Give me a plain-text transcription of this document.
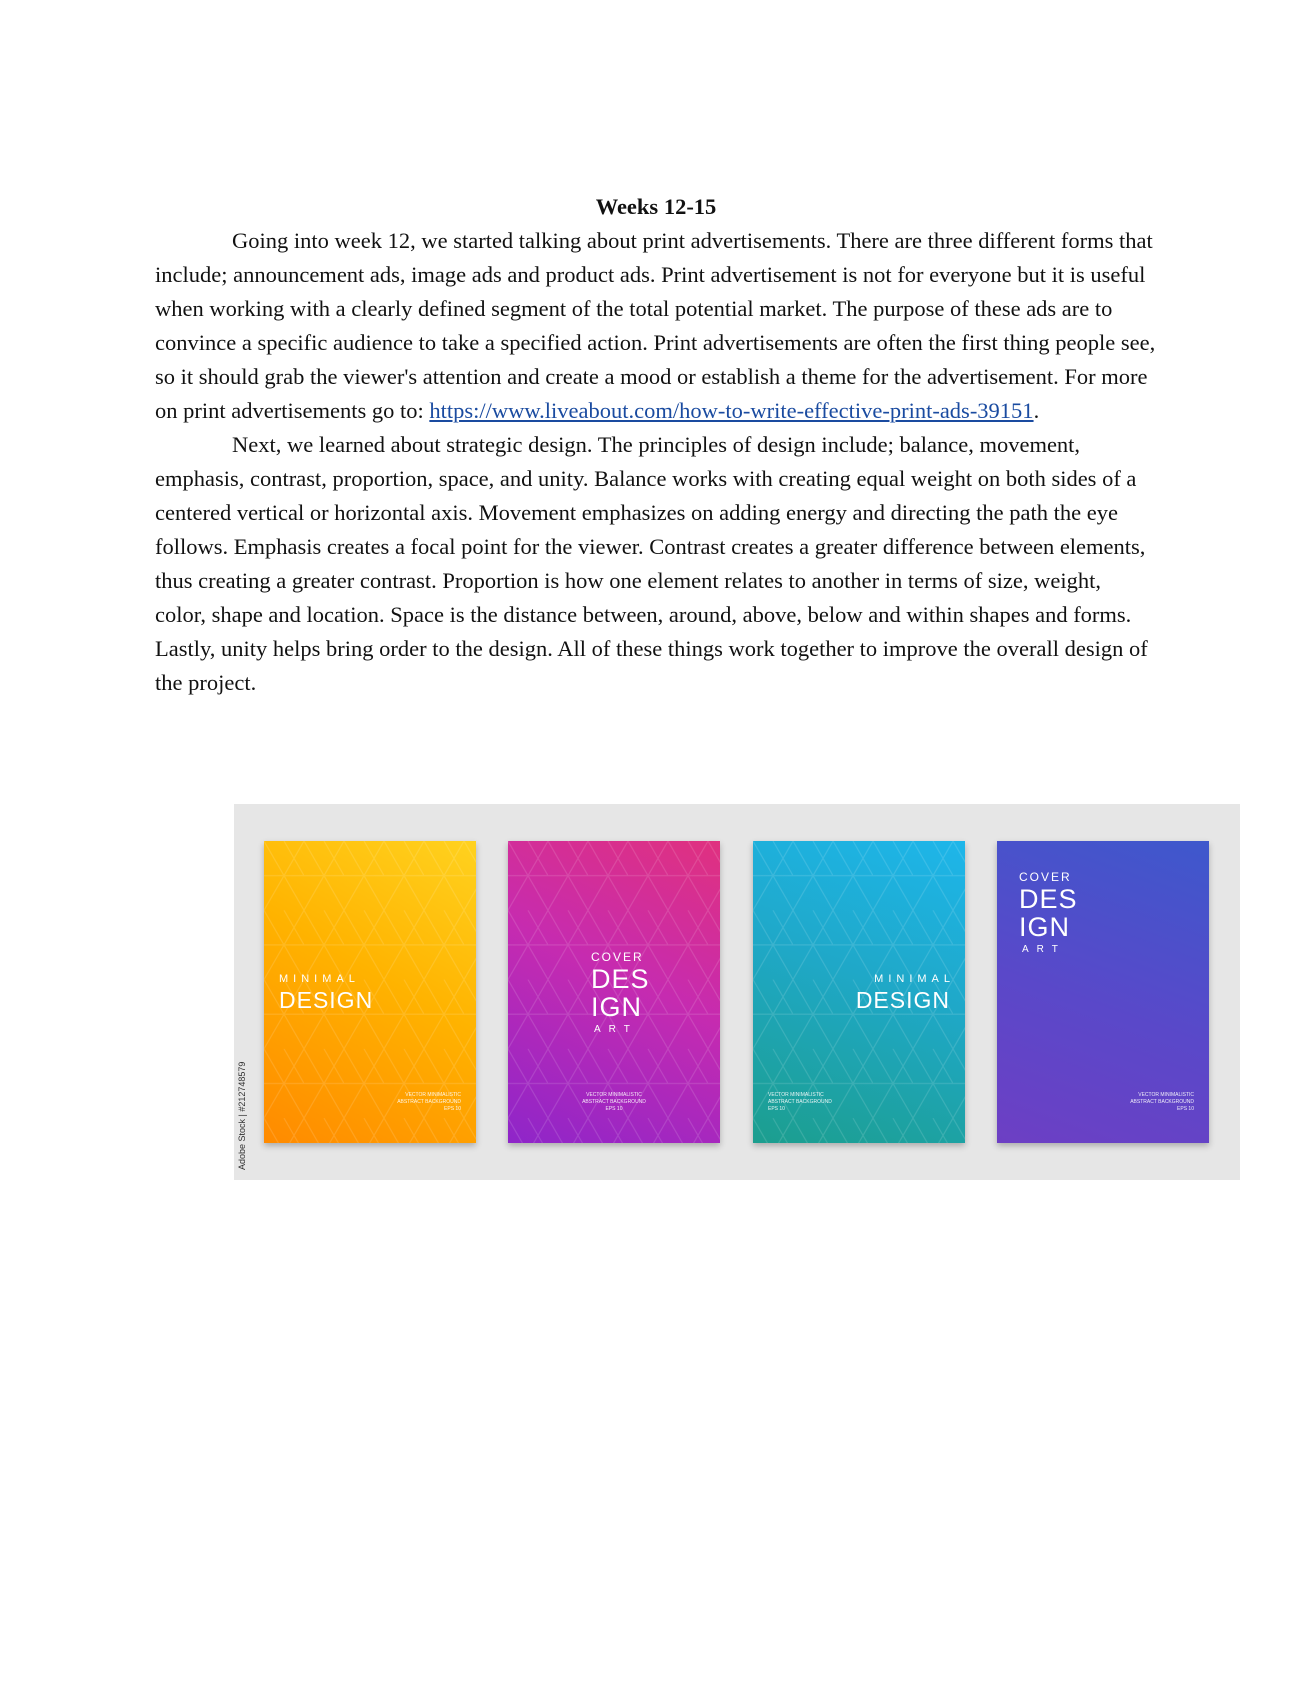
Weeks 12-15

Going into week 12, we started talking about print advertisements. There are three different forms that include; announcement ads, image ads and product ads. Print advertisement is not for everyone but it is useful when working with a clearly defined segment of the total potential market. The purpose of these ads are to convince a specific audience to take a specified action. Print advertisements are often the first thing people see, so it should grab the viewer's attention and create a mood or establish a theme for the advertisement. For more on print advertisements go to: https://www.liveabout.com/how-to-write-effective-print-ads-39151.

Next, we learned about strategic design. The principles of design include; balance, movement, emphasis, contrast, proportion, space, and unity. Balance works with creating equal weight on both sides of a centered vertical or horizontal axis. Movement emphasizes on adding energy and directing the path the eye follows. Emphasis creates a focal point for the viewer. Contrast creates a greater difference between elements, thus creating a greater contrast. Proportion is how one element relates to another in terms of size, weight, color, shape and location. Space is the distance between, around, above, below and within shapes and forms. Lastly, unity helps bring order to the design. All of these things work together to improve the overall design of the project.

Adobe Stock | #212748579
MINIMAL
DESIGN
VECTOR MINIMALISTIC
ABSTRACT BACKGROUND
EPS 10
COVER
DES
IGN
ART
VECTOR MINIMALISTIC
ABSTRACT BACKGROUND
EPS 10
MINIMAL
DESIGN
VECTOR MINIMALISTIC
ABSTRACT BACKGROUND
EPS 10
COVER
DES
IGN
ART
VECTOR MINIMALISTIC
ABSTRACT BACKGROUND
EPS 10
